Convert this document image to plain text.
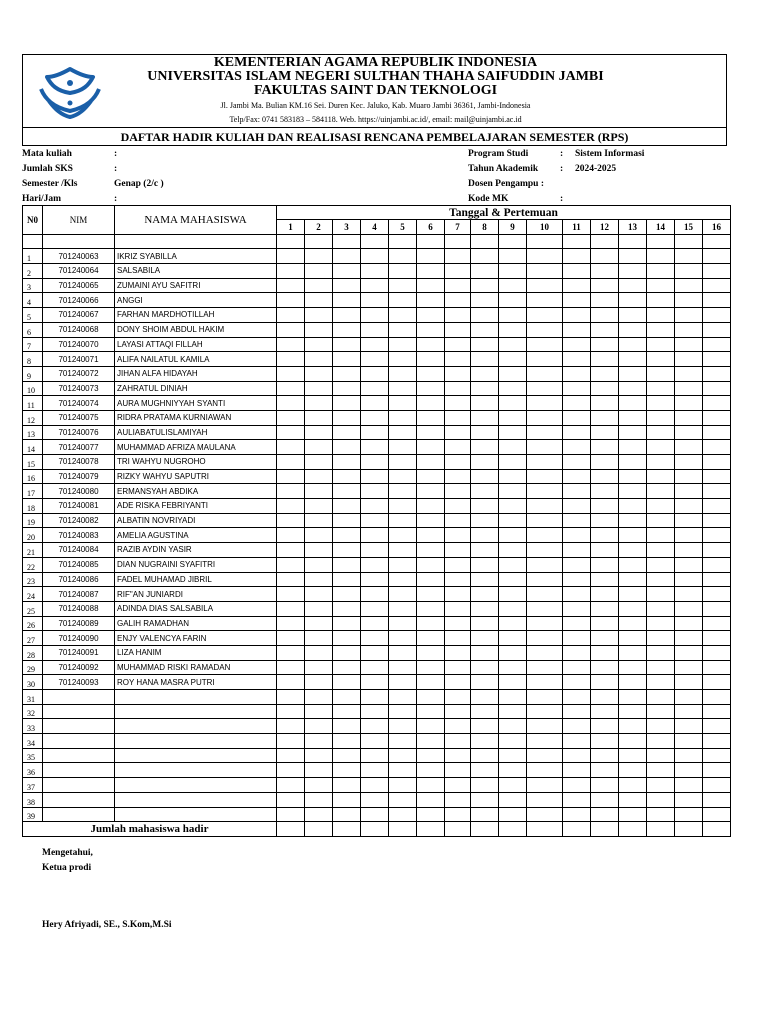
KEMENTERIAN AGAMA REPUBLIK INDONESIA
UNIVERSITAS ISLAM NEGERI SULTHAN THAHA SAIFUDDIN JAMBI
FAKULTAS SAINT DAN TEKNOLOGI
Jl. Jambi Ma. Bulian KM.16 Sei. Duren Kec. Jaluko, Kab. Muaro Jambi 36361, Jambi-Indonesia
Telp/Fax: 0741 583183 – 584118. Web. https://uinjambi.ac.id/, email: mail@uinjambi.ac.id
DAFTAR HADIR KULIAH DAN REALISASI RENCANA PEMBELAJARAN SEMESTER (RPS)
Mata kuliah	:
Jumlah SKS	:
Semester /Kls	Genap (2/c )
Hari/Jam	:
Program Studi	: Sistem Informasi
Tahun Akademik : 2024-2025
Dosen Pengampu :
Kode MK	:
N0	NIM	NAMA MAHASISWA	Tanggal & Pertemuan															
			1	2	3	4	5	6	7	8	9	10	11	12	13	14	15	16

1	701240063	IKRIZ SYABILLA																
2	701240064	SALSABILA																
3	701240065	ZUMAINI AYU SAFITRI																
4	701240066	ANGGI																
5	701240067	FARHAN MARDHOTILLAH																
6	701240068	DONY SHOIM ABDUL HAKIM																
7	701240070	LAYASI ATTAQI FILLAH																
8	701240071	ALIFA NAILATUL KAMILA																
9	701240072	JIHAN ALFA HIDAYAH																
10	701240073	ZAHRATUL DINIAH																
11	701240074	AURA MUGHNIYYAH SYANTI																
12	701240075	RIDRA PRATAMA KURNIAWAN																
13	701240076	AULIABATULISLAMIYAH																
14	701240077	MUHAMMAD AFRIZA MAULANA																
15	701240078	TRI WAHYU NUGROHO																
16	701240079	RIZKY WAHYU SAPUTRI																
17	701240080	ERMANSYAH ABDIKA																
18	701240081	ADE RISKA FEBRIYANTI																
19	701240082	ALBATIN NOVRIYADI																
20	701240083	AMELIA AGUSTINA																
21	701240084	RAZIB AYDIN YASIR																
22	701240085	DIAN NUGRAINI SYAFITRI																
23	701240086	FADEL MUHAMAD JIBRIL																
24	701240087	RIF"AN JUNIARDI																
25	701240088	ADINDA DIAS SALSABILA																
26	701240089	GALIH RAMADHAN																
27	701240090	ENJY VALENCYA FARIN																
28	701240091	LIZA HANIM																
29	701240092	MUHAMMAD RISKI RAMADAN																
30	701240093	ROY HANA MASRA PUTRI																
31																		
32																		
33																		
34																		
35																		
36																		
37																		
38																		
39																		
Jumlah mahasiswa hadir																		
Mengetahui,
Ketua prodi
Hery Afriyadi, SE., S.Kom,M.Si
